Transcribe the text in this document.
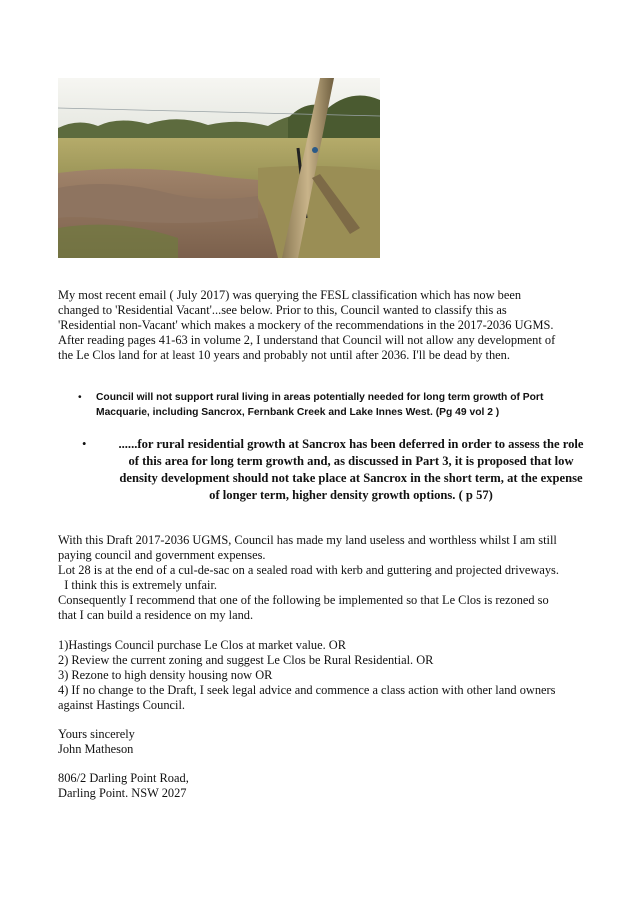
My most recent email ( July 2017) was querying the FESL classification which has now been
changed to 'Residential Vacant'...see below. Prior to this, Council wanted to classify this as
'Residential non-Vacant' which makes a mockery of the recommendations in the 2017-2036 UGMS.
After reading pages 41-63 in volume 2, I understand that Council will not allow any development of
the Le Clos land for at least 10 years and probably not until after 2036. I'll be dead by then.
• Council will not support rural living in areas potentially needed for long term growth of Port
Macquarie, including Sancrox, Fernbank Creek and Lake Innes West. (Pg 49 vol 2 )
•	......for rural residential growth at Sancrox has been deferred in order to assess the role
of this area for long term growth and, as discussed in Part 3, it is proposed that low
density development should not take place at Sancrox in the short term, at the expense
of longer term, higher density growth options. ( p 57)
With this Draft 2017-2036 UGMS, Council has made my land useless and worthless whilst I am still
paying council and government expenses.
Lot 28 is at the end of a cul-de-sac on a sealed road with kerb and guttering and projected driveways.
I think this is extremely unfair.
Consequently I recommend that one of the following be implemented so that Le Clos is rezoned so
that I can build a residence on my land.
1)Hastings Council purchase Le Clos at market value. OR
2) Review the current zoning and suggest Le Clos be Rural Residential. OR
3) Rezone to high density housing now OR
4) If no change to the Draft, I seek legal advice and commence a class action with other land owners
against Hastings Council.
Yours sincerely
John Matheson
806/2 Darling Point Road,
Darling Point. NSW 2027
